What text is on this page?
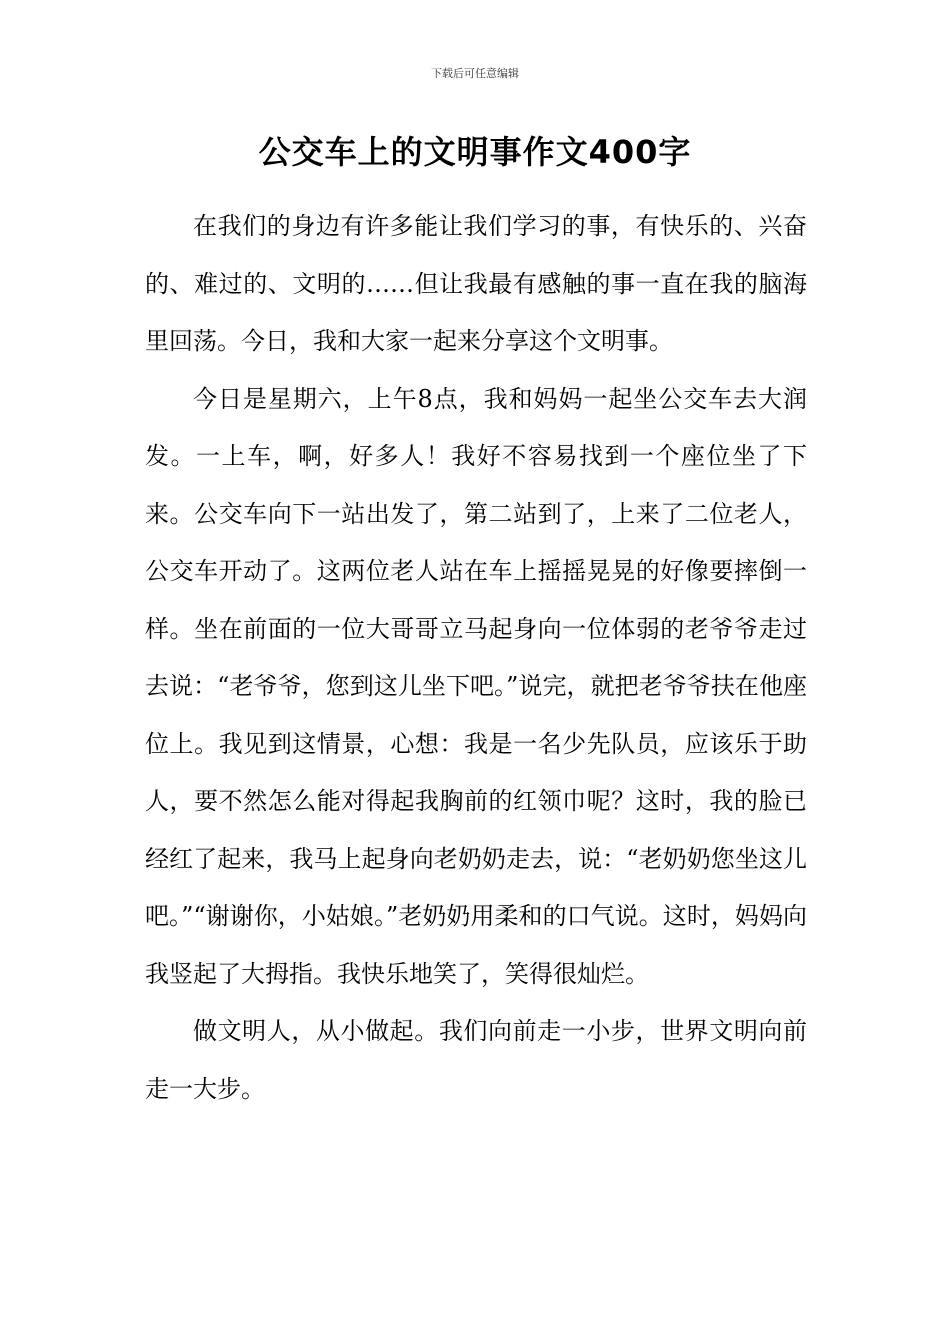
下载后可任意编辑
公交车上的文明事作文400字

在我们的身边有许多能让我们学习的事，有快乐的、兴奋的、难过的、文明的……但让我最有感触的事一直在我的脑海里回荡。今日，我和大家一起来分享这个文明事。

今日是星期六，上午8点，我和妈妈一起坐公交车去大润发。一上车，啊，好多人！我好不容易找到一个座位坐了下来。公交车向下一站出发了，第二站到了，上来了二位老人，公交车开动了。这两位老人站在车上摇摇晃晃的好像要摔倒一样。坐在前面的一位大哥哥立马起身向一位体弱的老爷爷走过去说：“老爷爷，您到这儿坐下吧。”说完，就把老爷爷扶在他座位上。我见到这情景，心想：我是一名少先队员，应该乐于助人，要不然怎么能对得起我胸前的红领巾呢？这时，我的脸已经红了起来，我马上起身向老奶奶走去，说：“老奶奶您坐这儿吧。”“谢谢你，小姑娘。”老奶奶用柔和的口气说。这时，妈妈向我竖起了大拇指。我快乐地笑了，笑得很灿烂。

做文明人，从小做起。我们向前走一小步，世界文明向前走一大步。
